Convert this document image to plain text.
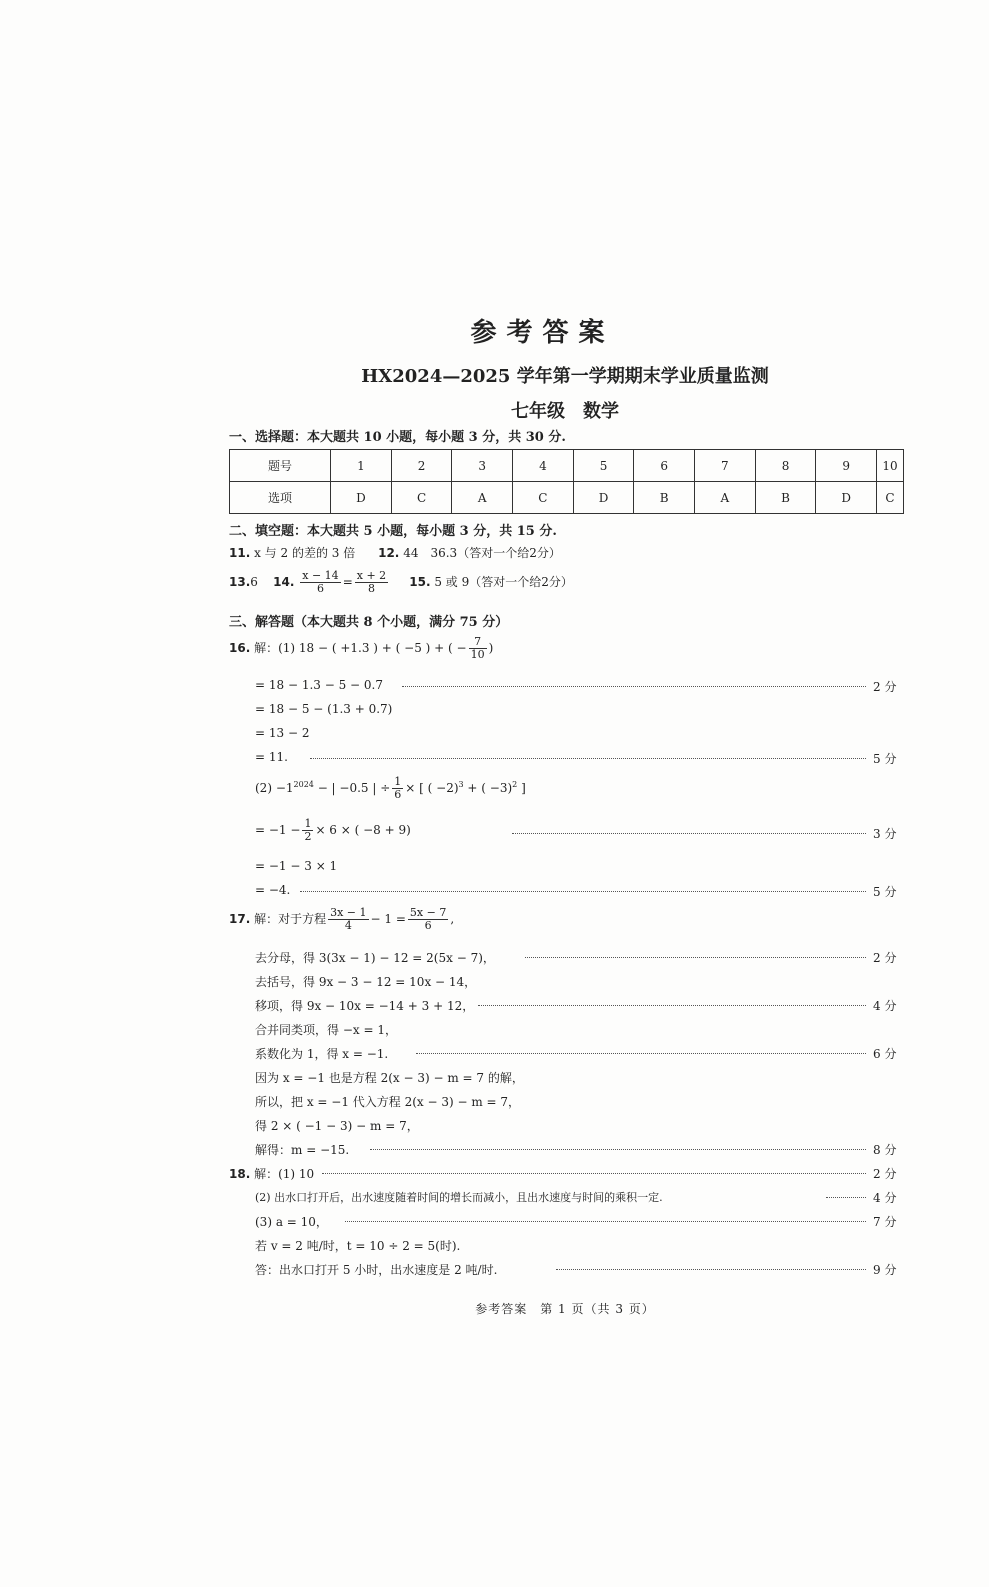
参考答案
HX2024—2025 学年第一学期期末学业质量监测
七年级　数学
一、选择题：本大题共 10 小题，每小题 3 分，共 30 分.
题号	1	2	3	4	5	6	7	8	9	10
选项	D	C	A	C	D	B	A	B	D	C
二、填空题：本大题共 5 小题，每小题 3 分，共 15 分.
11. x 与 2 的差的 3 倍 12. 44　36.3（答对一个给2分）
13.6 14. $\frac{x - 14}{6} = \frac{x + 2}{8} 15$. 5 或 9（答对一个给2分）
三、解答题（本大题共 8 个小题，满分 75 分）
16. 解：(1) 18 − ( +1.3 ) + ( −5 ) + ( − $\frac{7}{10}$ )
= 18 − 1.3 − 5 − 0.7	2 分
= 18 − 5 − (1.3 + 0.7)
= 13 − 2
= 11.	5 分
$(2) -1^{2024}$ − | −0.5 | ÷ $\frac{1}{6}$ × [ ( −2)$^3$ + ( −3)$^2$ ]
= $-1 - \frac{1}{2} \times 6$ × ( −8 + 9)	3 分
= −1 − 3 × 1
= −4.	5 分
17. 解：对于方程 $\frac{3x - 1}{4} - 1 = \frac{5x - 7}{6}$ ,
去分母，得 3(3x − 1) − 12 = 2(5x − 7)，	2 分
去括号，得 9x − 3 − 12 = 10x − 14，
移项，得 9x − 10x = −14 + 3 + 12，	4 分
合并同类项，得 −x = 1，
系数化为 1，得 x = −1.	6 分
因为 x = −1 也是方程 2(x − 3) − m = 7 的解，
所以，把 x = −1 代入方程 2(x − 3) − m = 7，
得 2 × ( −1 − 3) − m = 7，
解得：m = −15.	8 分
18. 解：(1) 10	2 分
(2) 出水口打开后，出水速度随着时间的增长而减小，且出水速度与时间的乘积一定.	4 分
(3) a = 10，	7 分
若 v = 2 吨/时，t = 10 ÷ 2 = 5(时).
答：出水口打开 5 小时，出水速度是 2 吨/时.	9 分
参考答案　第 1 页（共 3 页）
